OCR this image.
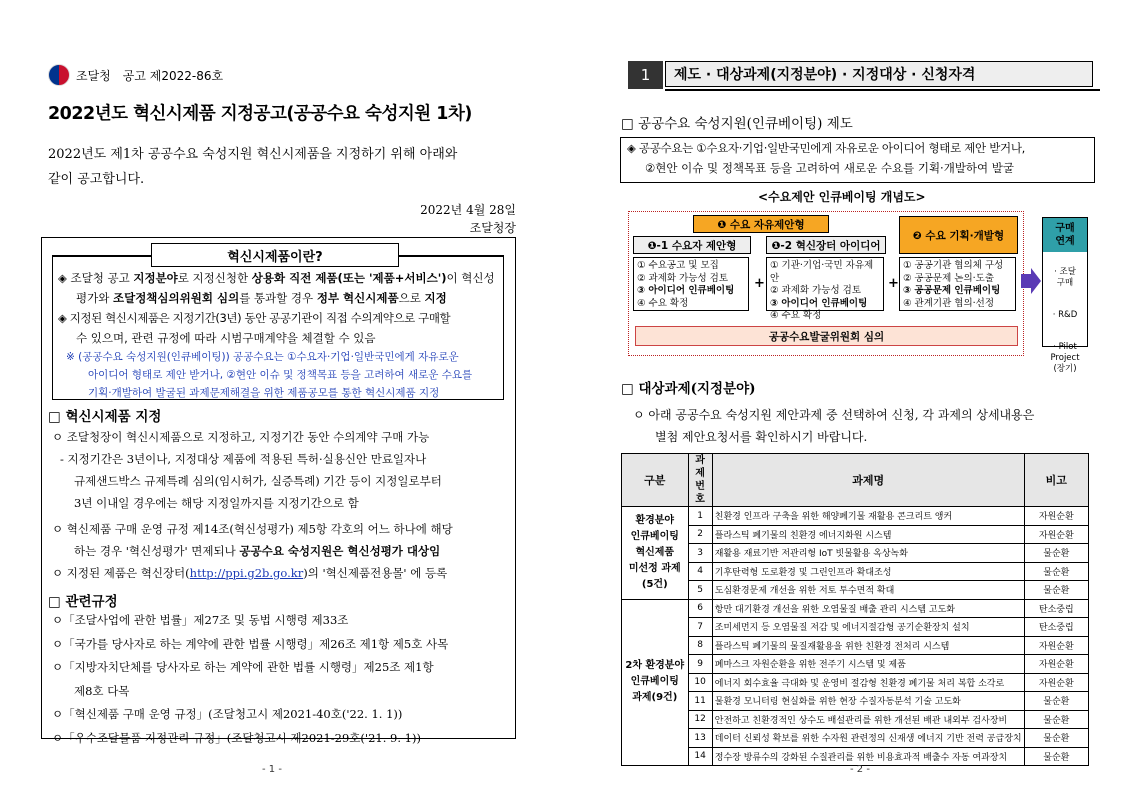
조달청 공고 제2022-86호
2022년도 혁신시제품 지정공고(공공수요 숙성지원 1차)
2022년도 제1차 공공수요 숙성지원 혁신시제품을 지정하기 위해 아래와
같이 공고합니다.
2022년 4월 28일
조달청장
혁신시제품이란?
◈ 조달청 공고 지정분야로 지정신청한 상용화 직전 제품(또는 '제품+서비스')이 혁신성
평가와 조달정책심의위원회 심의를 통과할 경우 정부 혁신시제품으로 지정
◈ 지정된 혁신시제품은 지정기간(3년) 동안 공공기관이 직접 수의계약으로 구매할
수 있으며, 관련 규정에 따라 시범구매계약을 체결할 수 있음
※ (공공수요 숙성지원(인큐베이팅)) 공공수요는 ①수요자·기업·일반국민에게 자유로운
아이디어 형태로 제안 받거나, ②현안 이슈 및 정책목표 등을 고려하여 새로운 수요를
기획·개발하여 발굴된 과제문제해결을 위한 제품공모를 통한 혁신시제품 지정
□ 혁신시제품 지정
ㅇ 조달청장이 혁신시제품으로 지정하고, 지정기간 동안 수의계약 구매 가능
- 지정기간은 3년이나, 지정대상 제품에 적용된 특허·실용신안 만료일자나
규제샌드박스 규제특례 심의(임시허가, 실증특례) 기간 등이 지정일로부터
3년 이내일 경우에는 해당 지정일까지를 지정기간으로 함
ㅇ 혁신제품 구매 운영 규정 제14조(혁신성평가) 제5항 각호의 어느 하나에 해당
하는 경우 '혁신성평가' 면제되나 공공수요 숙성지원은 혁신성평가 대상임
ㅇ 지정된 제품은 혁신장터(http://ppi.g2b.go.kr)의 '혁신제품전용몰' 에 등록
□ 관련규정
ㅇ「조달사업에 관한 법률」제27조 및 동법 시행령 제33조
ㅇ「국가를 당사자로 하는 계약에 관한 법률 시행령」제26조 제1항 제5호 사목
ㅇ「지방자치단체를 당사자로 하는 계약에 관한 법률 시행령」제25조 제1항
제8호 다목
ㅇ「혁신제품 구매 운영 규정」(조달청고시 제2021-40호('22. 1. 1))
ㅇ「우수조달물품 지정관리 규정」(조달청고시 제2021-29호('21. 9. 1))
- 1 -
1	제도 · 대상과제(지정분야) · 지정대상 · 신청자격
□ 공공수요 숙성지원(인큐베이팅) 제도
◈ 공공수요는 ①수요자·기업·일반국민에게 자유로운 아이디어 형태로 제안 받거나,
②현안 이슈 및 정책목표 등을 고려하여 새로운 수요를 기획·개발하여 발굴
<수요제안 인큐베이팅 개념도>
❶ 수요 자유제안형
❶-1 수요자 제안형	❶-2 혁신장터 아이디어
❷ 수요 기획·개발형
① 수요공고 및 모집
② 과제화 가능성 검토
③ 아이디어 인큐베이팅
④ 수요 확정
+
① 기관·기업·국민 자유제안
② 과제화 가능성 검토
③ 아이디어 인큐베이팅
④ 수요 확정
+
① 공공기관 협의체 구성
② 공공문제 논의·도출
③ 공공문제 인큐베이팅
④ 관계기관 협의·선정
공공수요발굴위원회 심의
구매
연계

· 조달
구매

· R&D

· Pilot
Project
(장기)

□ 대상과제(지정분야)
ㅇ 아래 공공수요 숙성지원 제안과제 중 선택하여 신청, 각 과제의 상세내용은
별첨 제안요청서를 확인하시기 바랍니다.
구분	과제
번호	과제명	비고
환경분야
인큐베이팅
혁신제품
미선정 과제
(5건)	1	친환경 인프라 구축을 위한 해양폐기물 재활용 콘크리트 앵커	자원순환
	2	플라스틱 폐기물의 친환경 에너지화원 시스템	자원순환
	3	재활용 재료기반 저관리형 IoT 빗물활용 옥상녹화	물순환
	4	기후탄력형 도로환경 및 그린인프라 확대조성	물순환
	5	도심환경문제 개선을 위한 저토 투수면적 확대	물순환
2차 환경분야
인큐베이팅
과제(9건)	6	항만 대기환경 개선을 위한 오염물질 배출 관리 시스템 고도화	탄소중립
	7	조미세먼지 등 오염물질 저감 및 에너지절감형 공기순환장치 설치	탄소중립
	8	플라스틱 폐기물의 물질재활용을 위한 친환경 전처리 시스템	자원순환
	9	폐마스크 자원순환을 위한 전주기 시스템 및 제품	자원순환
	10	에너지 회수효율 극대화 및 운영비 절감형 친환경 폐기물 처리 복합 소각로	자원순환
	11	물환경 모니터링 현실화를 위한 현장 수질자동분석 기술 고도화	물순환
	12	안전하고 친환경적인 상수도 배설관리를 위한 개선된 배관 내외부 검사장비	물순환
	13	데이터 신뢰성 확보를 위한 수자원 관련정의 신재생 에너지 기반 전력 공급장치	물순환
	14	정수장 방류수의 강화된 수질관리를 위한 비용효과적 배출수 자동 여과장치	물순환
- 2 -
